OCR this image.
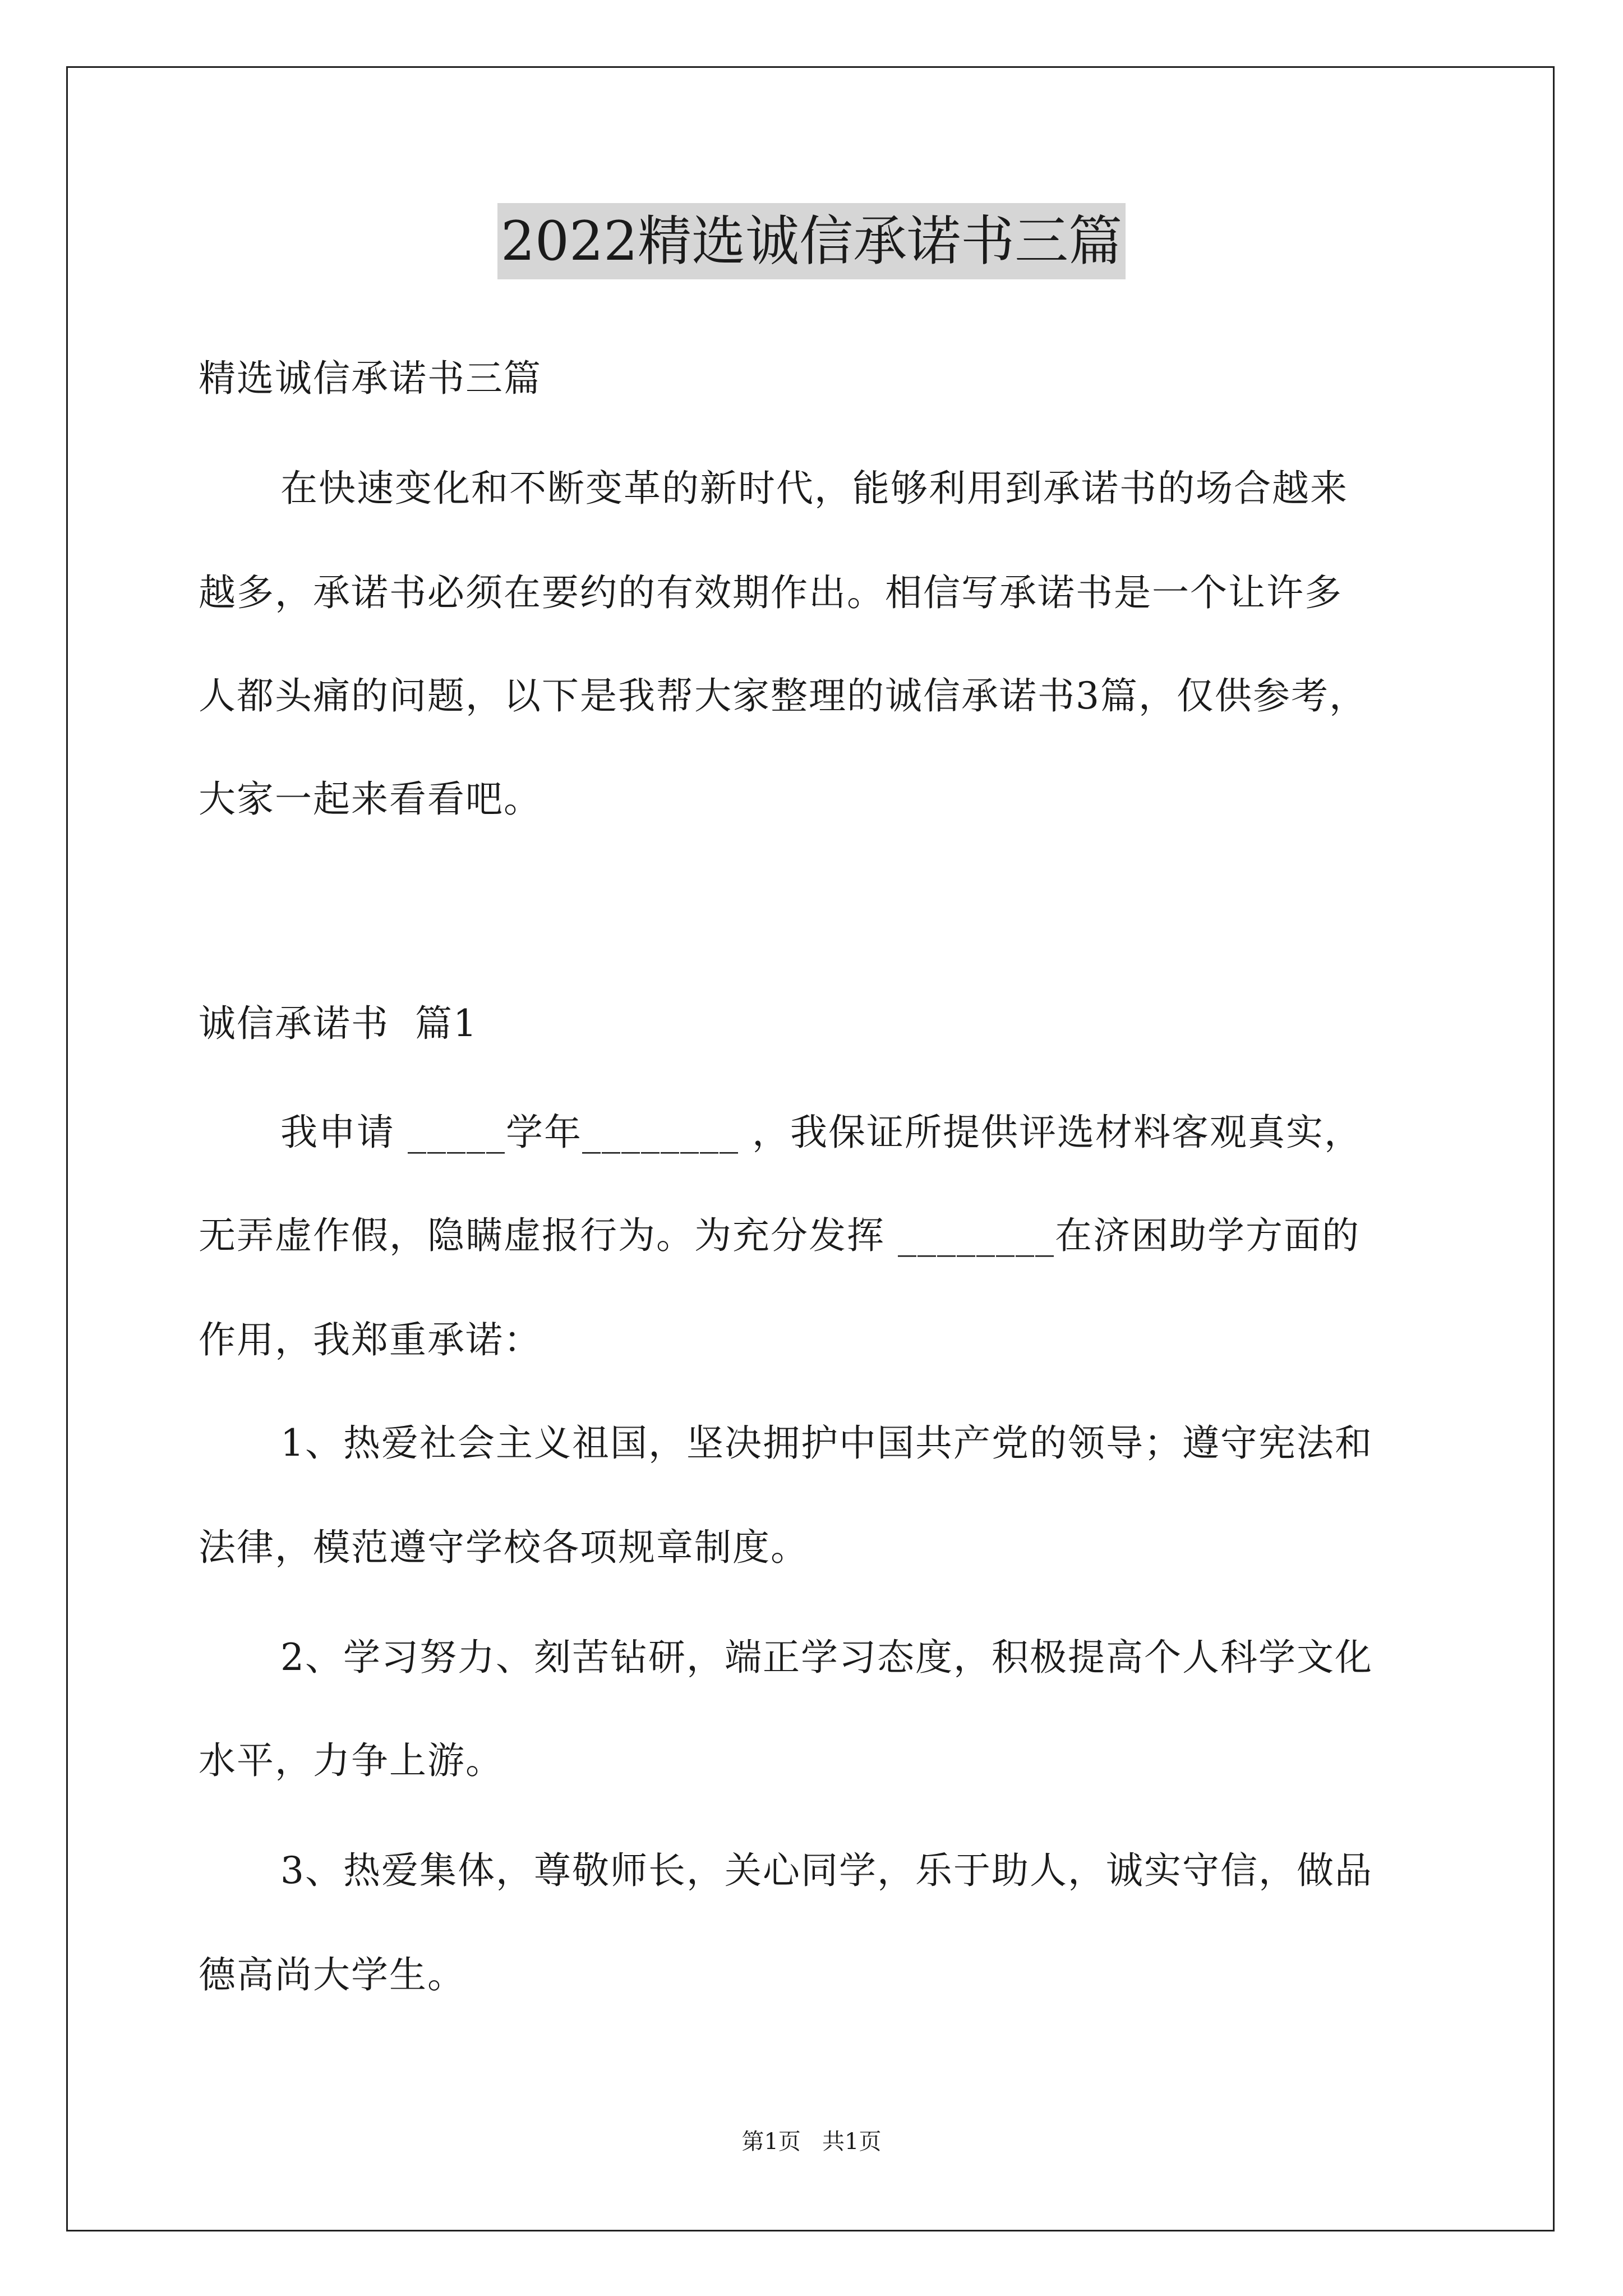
2022精选诚信承诺书三篇
精选诚信承诺书三篇
在快速变化和不断变革的新时代，能够利用到承诺书的场合越来
越多，承诺书必须在要约的有效期作出。相信写承诺书是一个让许多
人都头痛的问题，以下是我帮大家整理的诚信承诺书3篇，仅供参考，
大家一起来看看吧。
诚信承诺书  篇1
我申请 _____学年________ ，我保证所提供评选材料客观真实，
无弄虚作假，隐瞒虚报行为。为充分发挥 ________在济困助学方面的
作用，我郑重承诺：
1、热爱社会主义祖国，坚决拥护中国共产党的领导；遵守宪法和
法律，模范遵守学校各项规章制度。
2、学习努力、刻苦钻研，端正学习态度，积极提高个人科学文化
水平，力争上游。
3、热爱集体，尊敬师长，关心同学，乐于助人，诚实守信，做品
德高尚大学生。
第1页   共1页
